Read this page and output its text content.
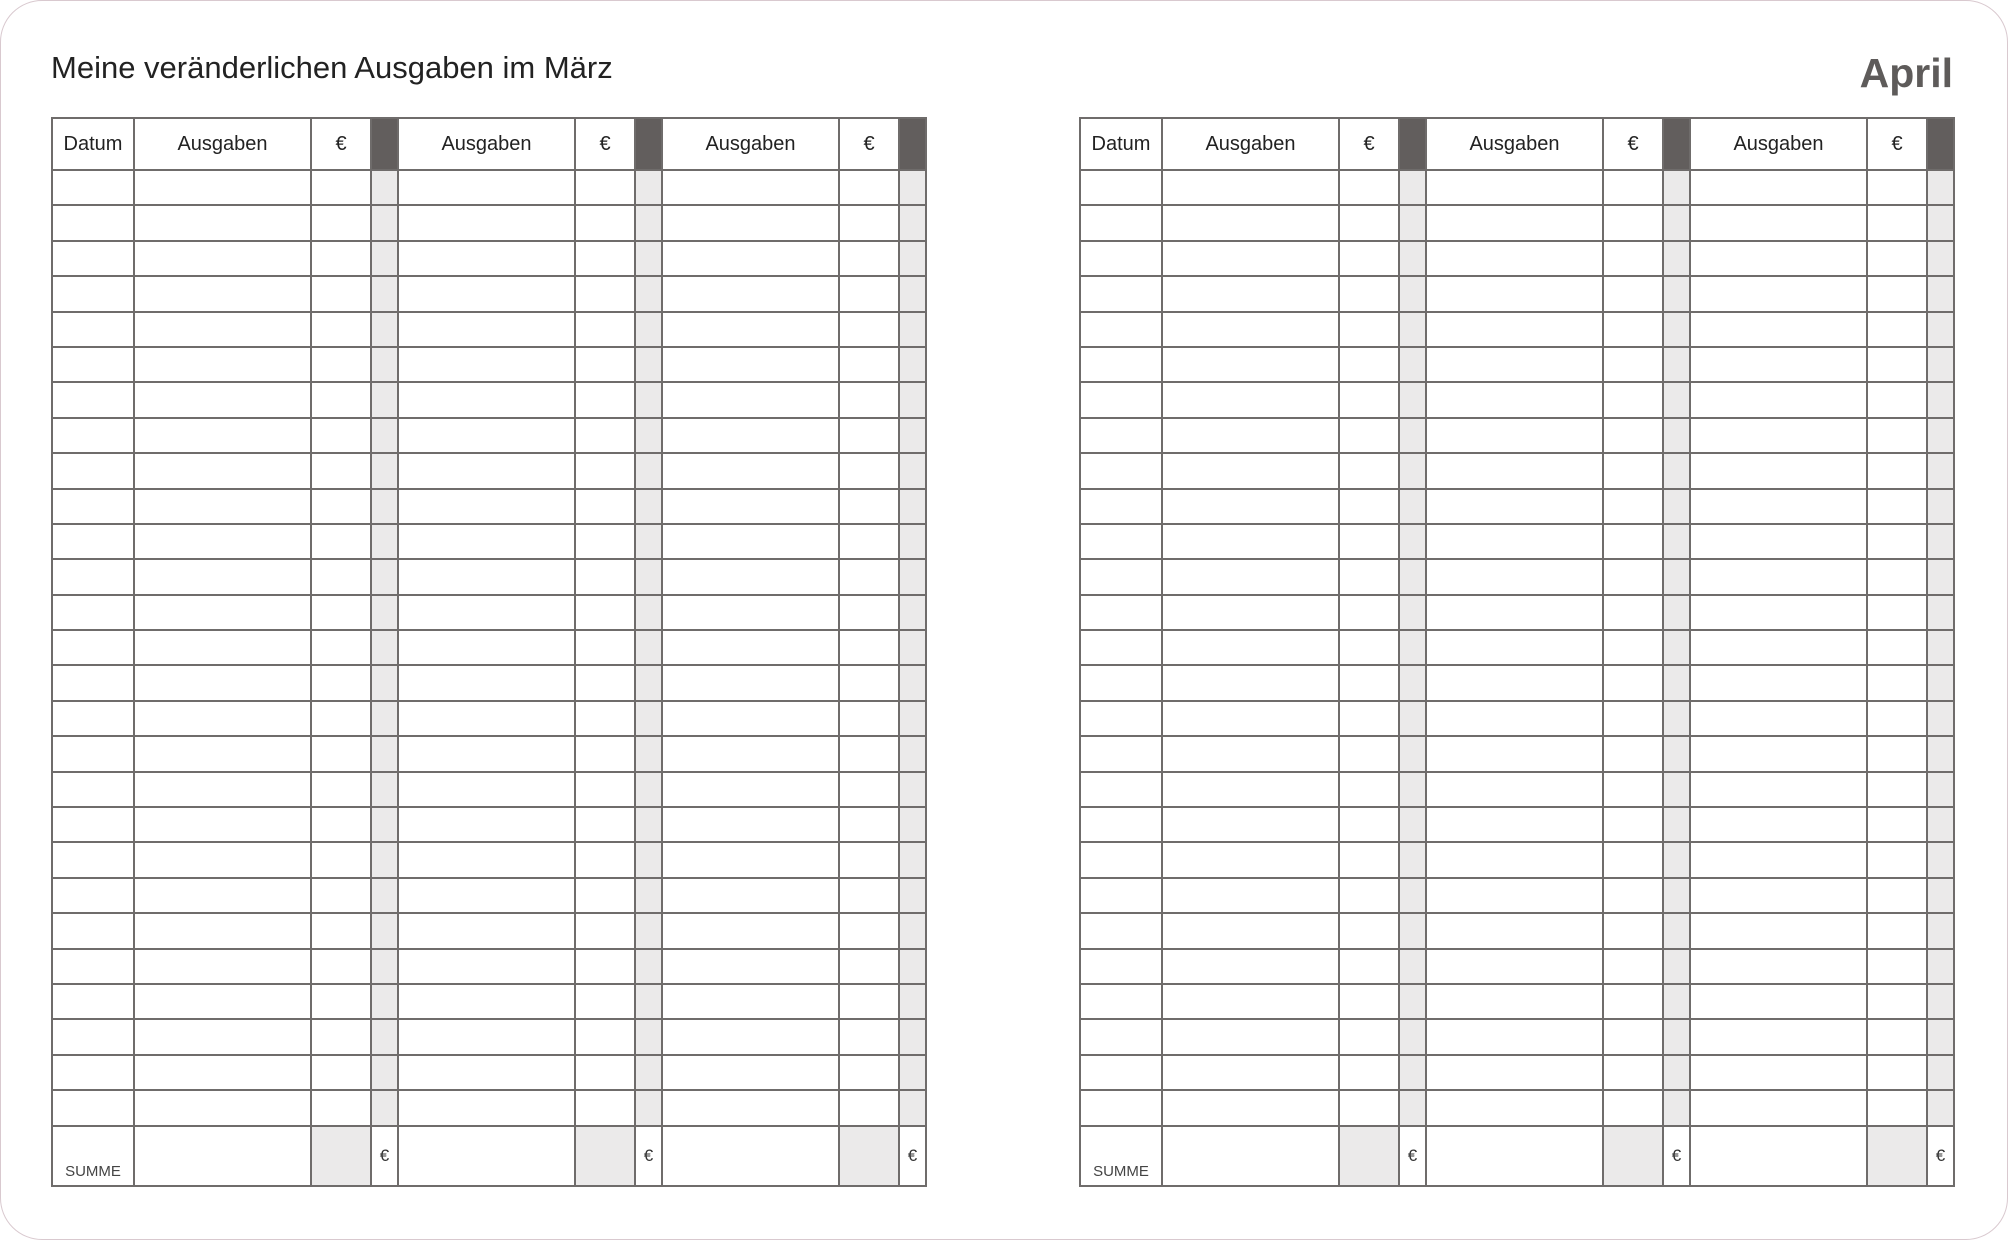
Meine veränderlichen Ausgaben im März	April
Datum	Ausgaben	€		Ausgaben	€		Ausgaben	€	

SUMME			€			€			€
Datum	Ausgaben	€		Ausgaben	€		Ausgaben	€	

SUMME			€			€			€
